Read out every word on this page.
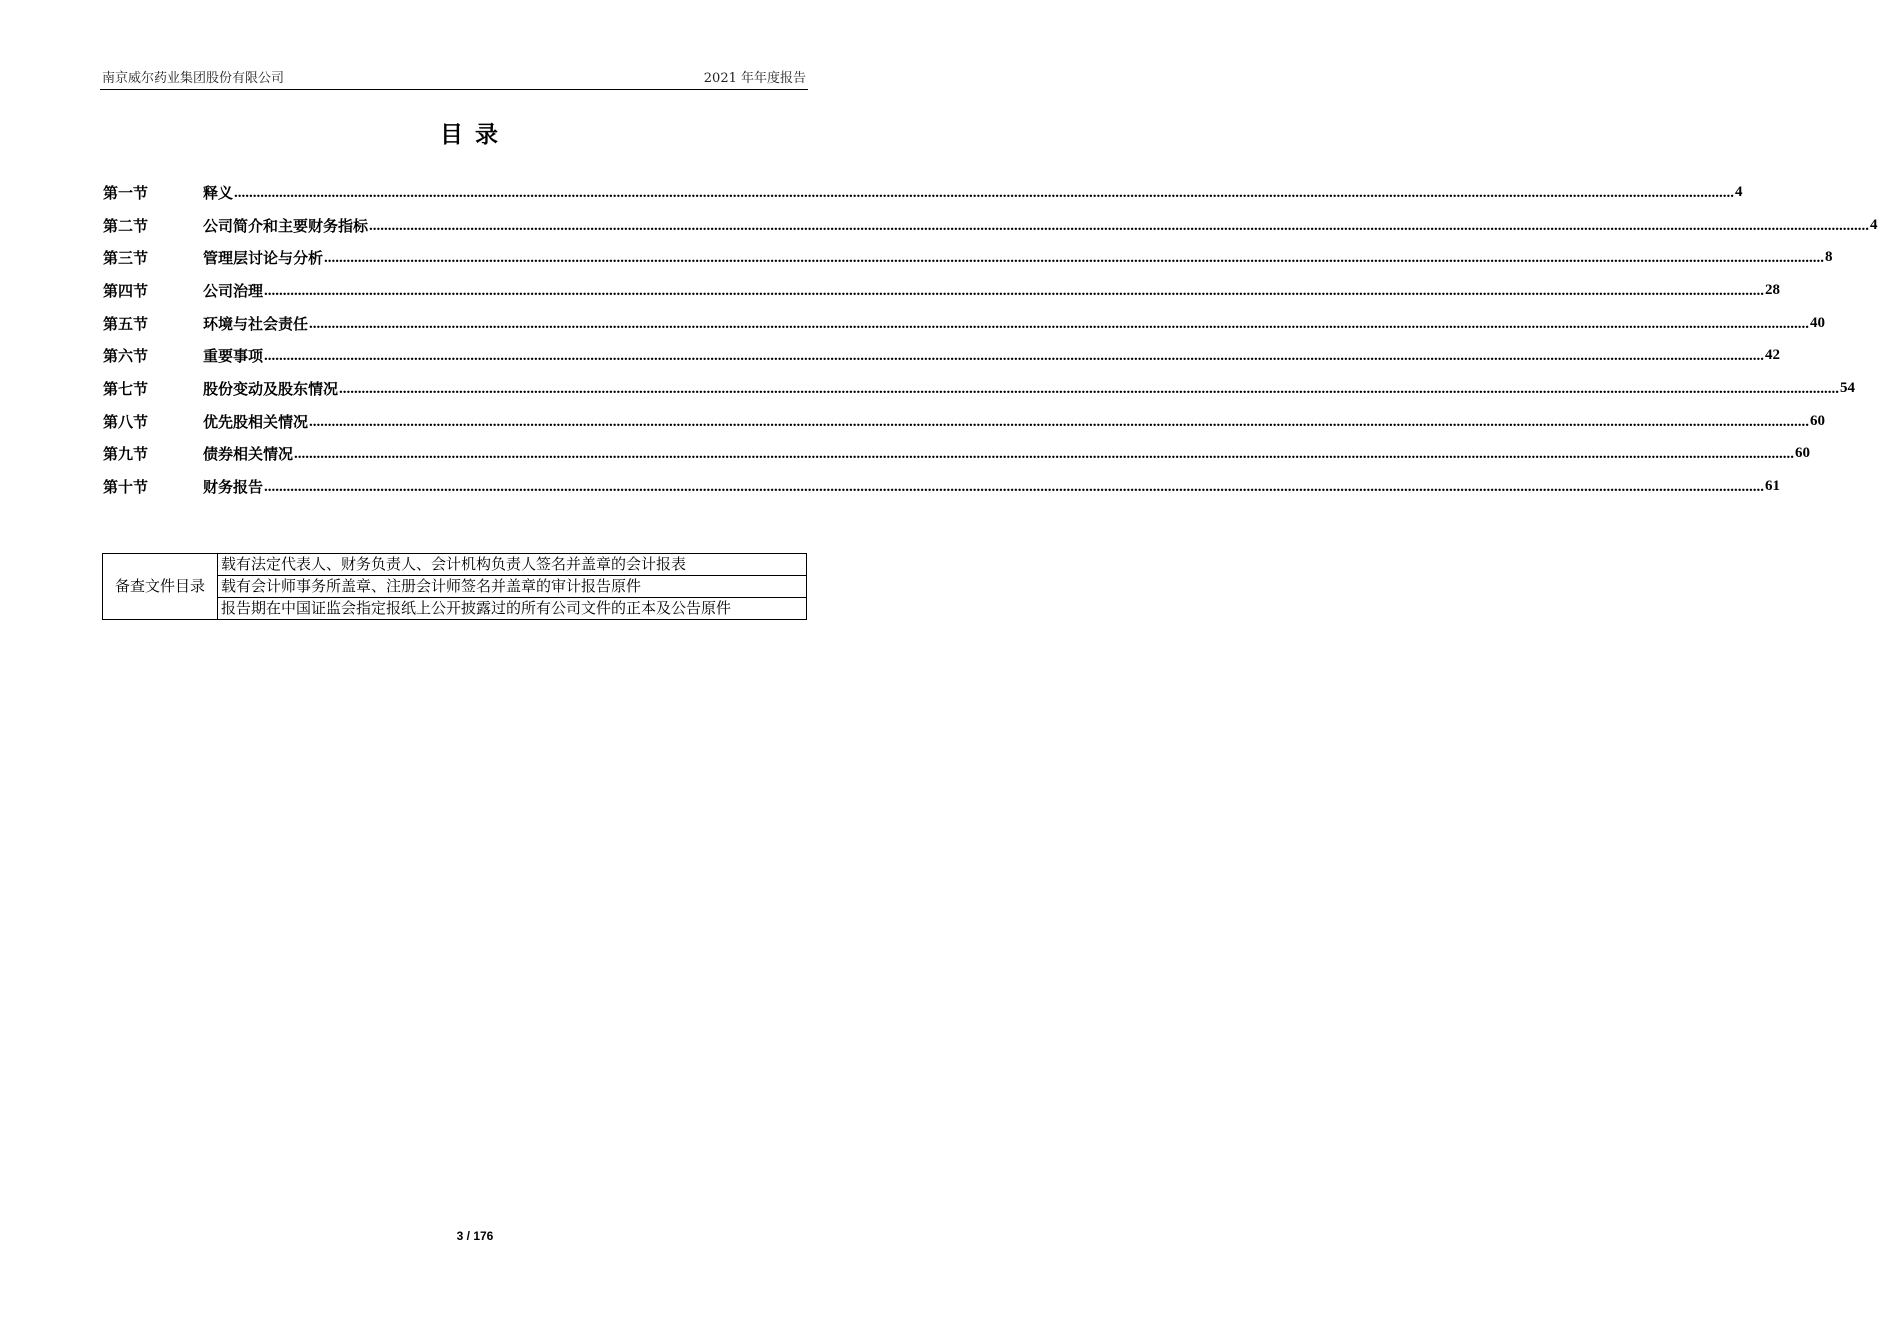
南京威尔药业集团股份有限公司	2021 年年度报告
目录
第一节	释义 ................................................................................................................................................................................................................................................................................................................................................................................................................ 4
第二节	公司简介和主要财务指标 ................................................................................................................................................................................................................................................................................................................................................................................................................ 4
第三节	管理层讨论与分析 ................................................................................................................................................................................................................................................................................................................................................................................................................ 8
第四节	公司治理 ................................................................................................................................................................................................................................................................................................................................................................................................................ 28
第五节	环境与社会责任 ................................................................................................................................................................................................................................................................................................................................................................................................................ 40
第六节	重要事项 ................................................................................................................................................................................................................................................................................................................................................................................................................ 42
第七节	股份变动及股东情况 ................................................................................................................................................................................................................................................................................................................................................................................................................ 54
第八节	优先股相关情况 ................................................................................................................................................................................................................................................................................................................................................................................................................ 60
第九节	债券相关情况 ................................................................................................................................................................................................................................................................................................................................................................................................................ 60
第十节	财务报告 ................................................................................................................................................................................................................................................................................................................................................................................................................ 61
备查文件目录	载有法定代表人、财务负责人、会计机构负责人签名并盖章的会计报表
载有会计师事务所盖章、注册会计师签名并盖章的审计报告原件
报告期在中国证监会指定报纸上公开披露过的所有公司文件的正本及公告原件
3 / 176
